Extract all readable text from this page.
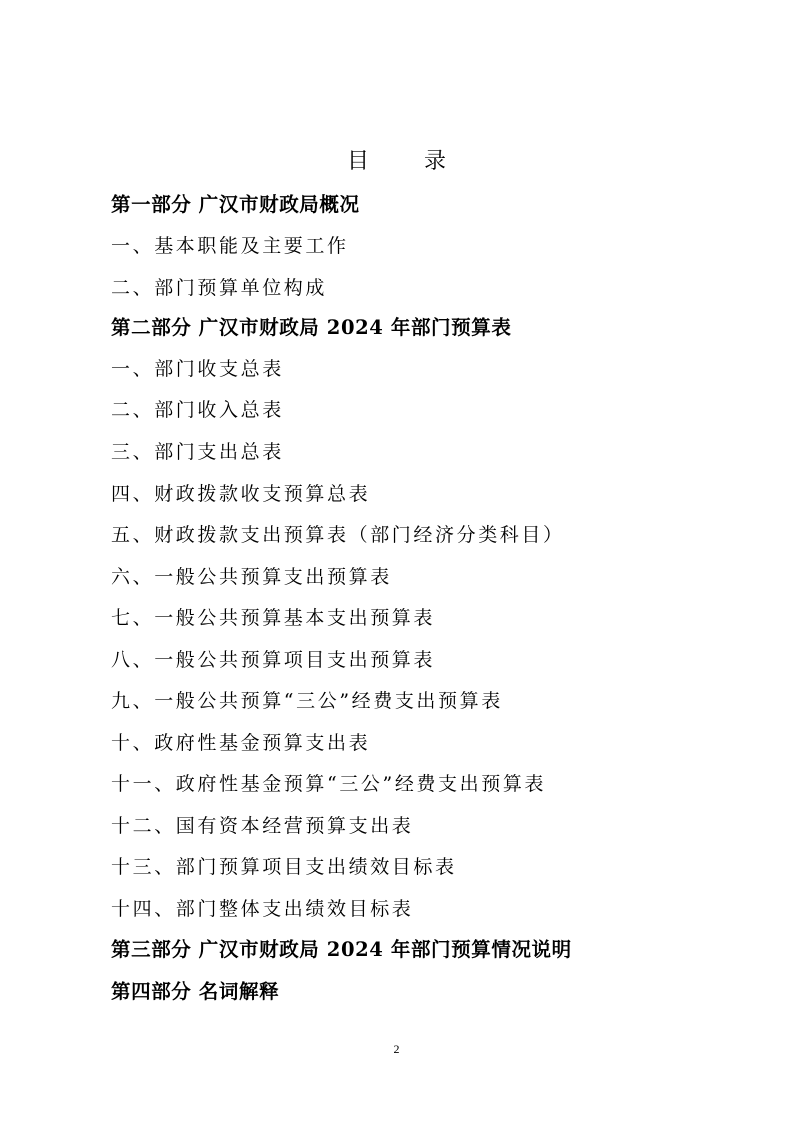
目 录
第一部分 广汉市财政局概况
一、基本职能及主要工作
二、部门预算单位构成
第二部分 广汉市财政局 2024 年部门预算表
一、部门收支总表
二、部门收入总表
三、部门支出总表
四、财政拨款收支预算总表
五、财政拨款支出预算表（部门经济分类科目）
六、一般公共预算支出预算表
七、一般公共预算基本支出预算表
八、一般公共预算项目支出预算表
九、一般公共预算“三公”经费支出预算表
十、政府性基金预算支出表
十一、政府性基金预算“三公”经费支出预算表
十二、国有资本经营预算支出表
十三、部门预算项目支出绩效目标表
十四、部门整体支出绩效目标表
第三部分 广汉市财政局 2024 年部门预算情况说明
第四部分 名词解释
2
